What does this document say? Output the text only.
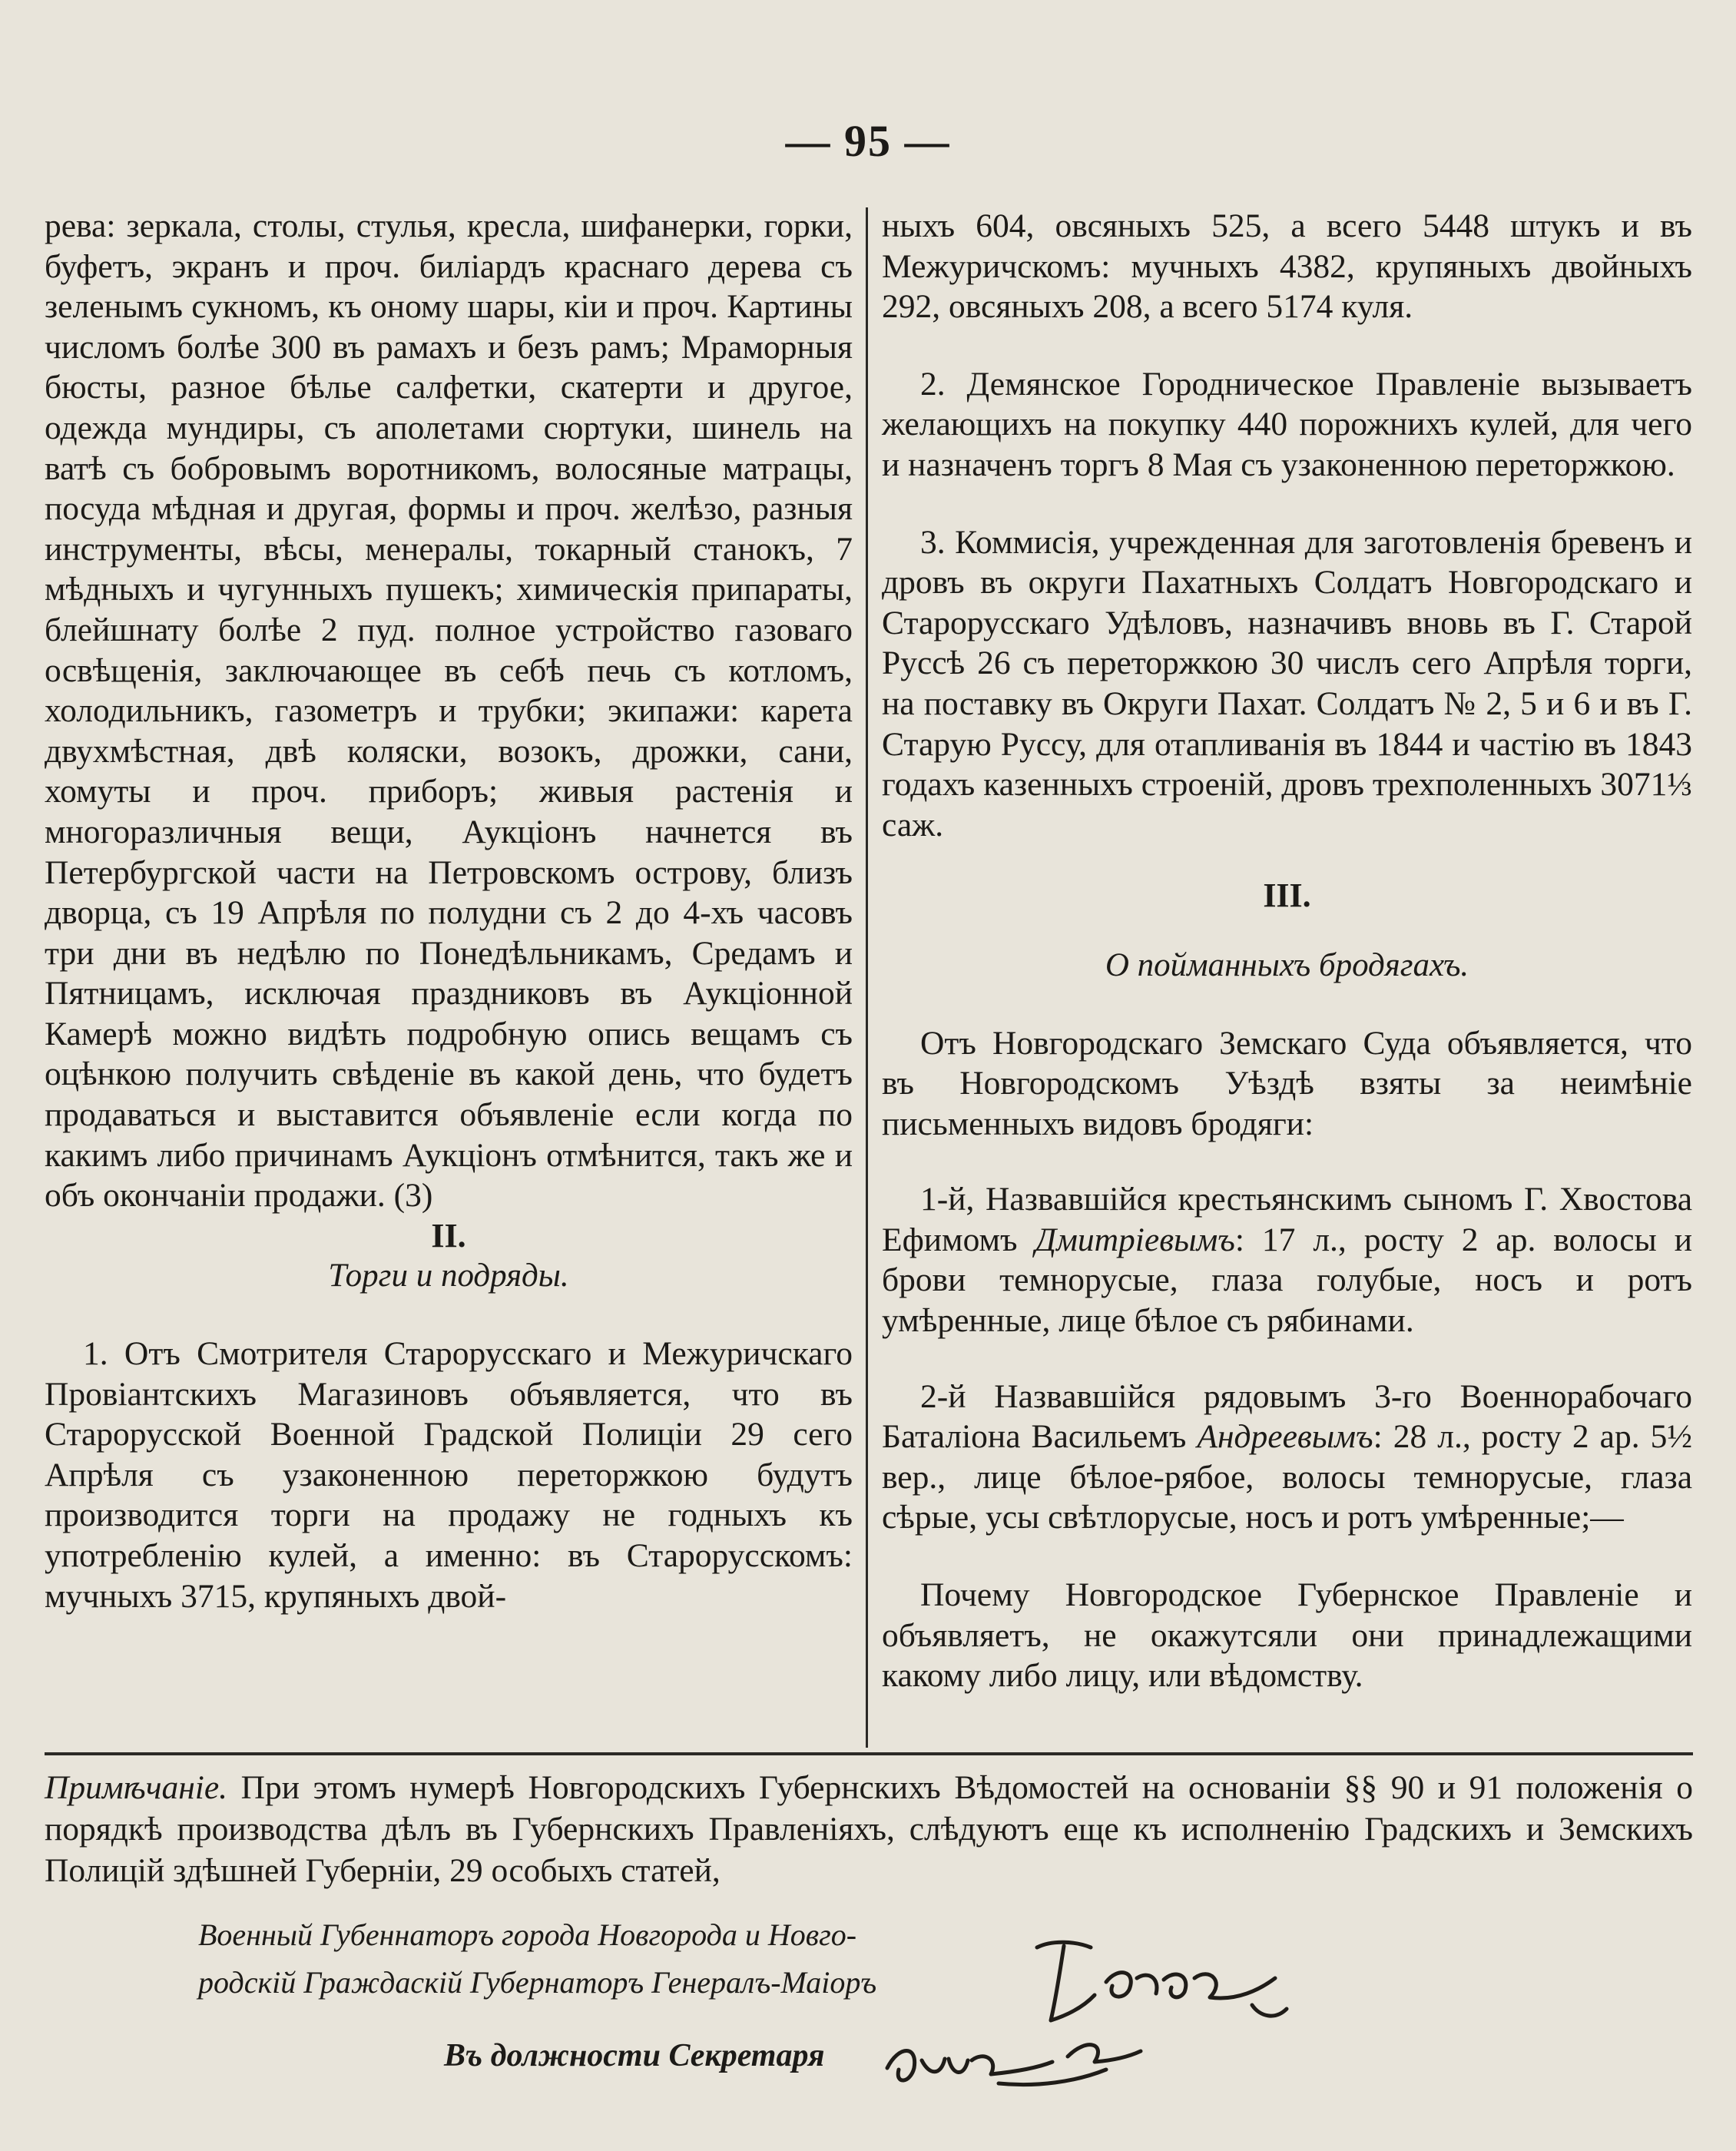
— 95 —

рева: зеркала, столы, стулья, кресла, шифанерки, горки, буфетъ, экранъ и проч. биліардъ краснаго дерева съ зеленымъ сукномъ, къ оному шары, кіи и проч. Картины числомъ болѣе 300 въ рамахъ и безъ рамъ; Мраморныя бюсты, разное бѣлье салфетки, скатерти и другое, одежда мундиры, съ аполетами сюртуки, шинель на ватѣ съ бобровымъ воротникомъ, волосяные матрацы, посуда мѣдная и другая, формы и проч. желѣзо, разныя инструменты, вѣсы, менералы, токарный станокъ, 7 мѣдныхъ и чугунныхъ пушекъ; химическія припараты, блейшнату болѣе 2 пуд. полное устройство газоваго освѣщенія, заключающее въ себѣ печь съ котломъ, холодильникъ, газометръ и трубки; экипажи: карета двухмѣстная, двѣ коляски, возокъ, дрожки, сани, хомуты и проч. приборъ; живыя растенія и многоразличныя вещи, Аукціонъ начнется въ Петербургской части на Петровскомъ острову, близъ дворца, съ 19 Апрѣля по полудни съ 2 до 4-хъ часовъ три дни въ недѣлю по Понедѣльникамъ, Средамъ и Пятницамъ, исключая праздниковъ въ Аукціонной Камерѣ можно видѣть подробную опись вещамъ съ оцѣнкою получить свѣденіе въ какой день, что будетъ продаваться и выставится объявленіе если когда по какимъ либо причинамъ Аукціонъ отмѣнится, такъ же и объ окончаніи продажи. (3)

II.

Торги и подряды.

1. Отъ Смотрителя Старорусскаго и Межуричскаго Провіантскихъ Магазиновъ объявляется, что въ Старорусской Военной Градской Полиціи 29 сего Апрѣля съ узаконенною переторжкою будутъ производится торги на продажу не годныхъ къ употребленію кулей, а именно: въ Старорусскомъ: мучныхъ 3715, крупяныхъ двой-

ныхъ 604, овсяныхъ 525, а всего 5448 штукъ и въ Межуричскомъ: мучныхъ 4382, крупяныхъ двойныхъ 292, овсяныхъ 208, а всего 5174 куля.

2. Демянское Городническое Правленіе вызываетъ желающихъ на покупку 440 порожнихъ кулей, для чего и назначенъ торгъ 8 Мая съ узаконенною переторжкою.

3. Коммисія, учрежденная для заготовленія бревенъ и дровъ въ округи Пахатныхъ Солдатъ Новгородскаго и Старорусскаго Удѣловъ, назначивъ вновь въ Г. Старой Руссѣ 26 съ переторжкою 30 числъ сего Апрѣля торги, на поставку въ Округи Пахат. Солдатъ № 2, 5 и 6 и въ Г. Старую Руссу, для отапливанія въ 1844 и частію въ 1843 годахъ казенныхъ строеній, дровъ трехполенныхъ 3071⅓ саж.

III.

О пойманныхъ бродягахъ.

Отъ Новгородскаго Земскаго Суда объявляется, что въ Новгородскомъ Уѣздѣ взяты за неимѣніе письменныхъ видовъ бродяги:

1-й, Назвавшійся крестьянскимъ сыномъ Г. Хвостова Ефимомъ Дмитріевымъ: 17 л., росту 2 ар. волосы и брови темнорусые, глаза голубые, носъ и ротъ умѣренные, лице бѣлое съ рябинами.

2-й Назвавшійся рядовымъ 3-го Военнорабочаго Баталіона Васильемъ Андреевымъ: 28 л., росту 2 ар. 5½ вер., лице бѣлое-рябое, волосы темнорусые, глаза сѣрые, усы свѣтлорусые, носъ и ротъ умѣренные;—

Почему Новгородское Губернское Правленіе и объявляетъ, не окажутсяли они принадлежащими какому либо лицу, или вѣдомству.

Примѣчаніе. При этомъ нумерѣ Новгородскихъ Губернскихъ Вѣдомостей на основаніи §§ 90 и 91 положенія о порядкѣ производства дѣлъ въ Губернскихъ Правленіяхъ, слѣдуютъ еще къ исполненію Градскихъ и Земскихъ Полицій здѣшней Губерніи, 29 особыхъ статей,
Военный Губеннаторъ города Новгорода и Новго-
родскій Граждаскій Губернаторъ Генералъ-Маіоръ
Въ должности Секретаря
